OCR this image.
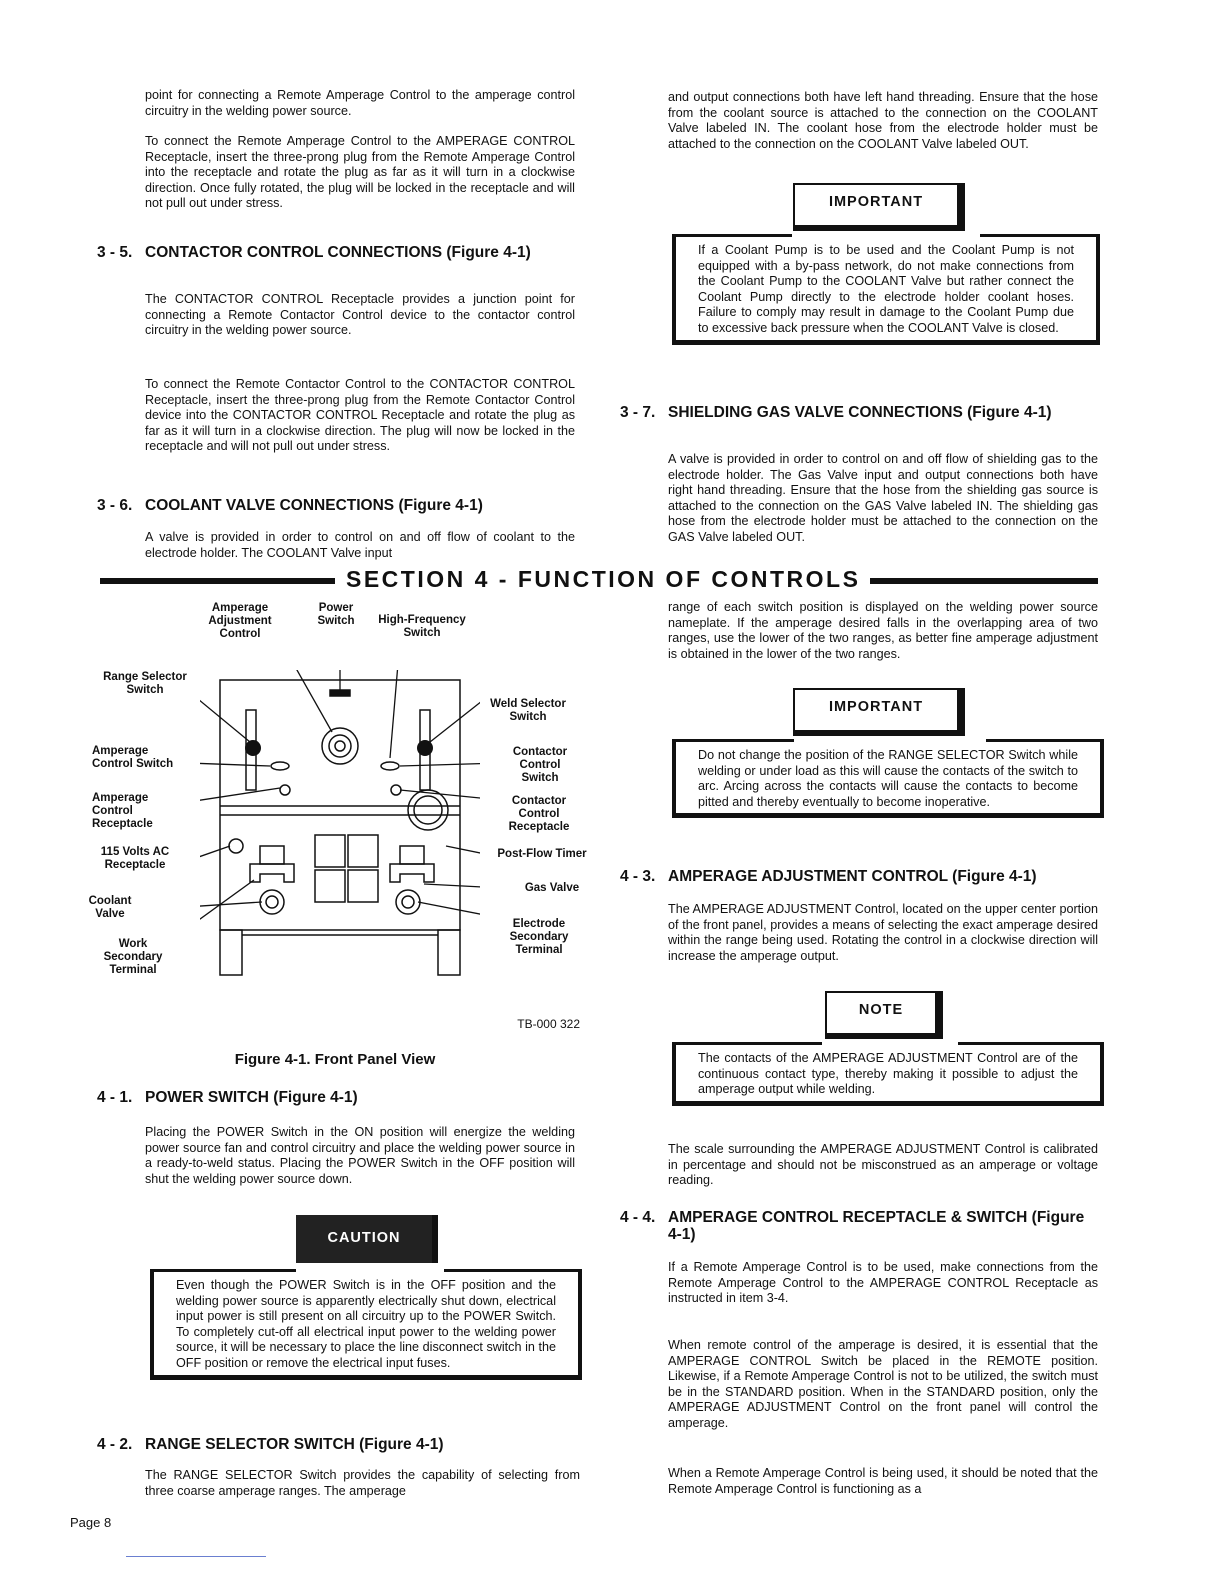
point for connecting a Remote Amperage Control to the amperage control circuitry in the welding power source.

To connect the Remote Amperage Control to the AMPERAGE CONTROL Receptacle, insert the three-prong plug from the Remote Amperage Control into the receptacle and rotate the plug as far as it will turn in a clockwise direction. Once fully rotated, the plug will be locked in the receptacle and will not pull out under stress.

3 - 5. CONTACTOR CONTROL CONNECTIONS (Figure 4-1)

The CONTACTOR CONTROL Receptacle provides a junction point for connecting a Remote Contactor Control device to the contactor control circuitry in the welding power source.

To connect the Remote Contactor Control to the CONTACTOR CONTROL Receptacle, insert the three-prong plug from the Remote Contactor Control device into the CONTACTOR CONTROL Receptacle and rotate the plug as far as it will turn in a clockwise direction. The plug will now be locked in the receptacle and will not pull out under stress.

3 - 6. COOLANT VALVE CONNECTIONS (Figure 4-1)

A valve is provided in order to control on and off flow of coolant to the electrode holder. The COOLANT Valve input

and output connections both have left hand threading. Ensure that the hose from the coolant source is attached to the connection on the COOLANT Valve labeled IN. The coolant hose from the electrode holder must be attached to the connection on the COOLANT Valve labeled OUT.

If a Coolant Pump is to be used and the Coolant Pump is not equipped with a by-pass network, do not make connections from the Coolant Pump to the COOLANT Valve but rather connect the Coolant Pump directly to the electrode holder coolant hoses. Failure to comply may result in damage to the Coolant Pump due to excessive back pressure when the COOLANT Valve is closed.
IMPORTANT
3 - 7. SHIELDING GAS VALVE CONNECTIONS (Figure 4-1)

A valve is provided in order to control on and off flow of shielding gas to the electrode holder. The Gas Valve input and output connections both have right hand threading. Ensure that the hose from the shielding gas source is attached to the connection on the GAS Valve labeled IN. The shielding gas hose from the electrode holder must be attached to the connection on the GAS Valve labeled OUT.

SECTION 4 - FUNCTION OF CONTROLS
Amperage Adjustment Control
Power Switch	High-Frequency Switch
Range Selector Switch
Weld Selector Switch
Amperage Control Switch
Contactor Control Switch
Amperage Control Receptacle
Contactor Control Receptacle
115 Volts AC Receptacle
Post-Flow Timer
Gas Valve
Coolant Valve
Electrode Secondary Terminal
Work Secondary Terminal
TB-000 322
Figure 4-1. Front Panel View
4 - 1. POWER SWITCH (Figure 4-1)

Placing the POWER Switch in the ON position will energize the welding power source fan and control circuitry and place the welding power source in a ready-to-weld status. Placing the POWER Switch in the OFF position will shut the welding power source down.

Even though the POWER Switch is in the OFF position and the welding power source is apparently electrically shut down, electrical input power is still present on all circuitry up to the POWER Switch. To completely cut-off all electrical input power to the welding power source, it will be necessary to place the line disconnect switch in the OFF position or remove the electrical input fuses.
CAUTION
4 - 2. RANGE SELECTOR SWITCH (Figure 4-1)

The RANGE SELECTOR Switch provides the capability of selecting from three coarse amperage ranges. The amperage

range of each switch position is displayed on the welding power source nameplate. If the amperage desired falls in the overlapping area of two ranges, use the lower of the two ranges, as better fine amperage adjustment is obtained in the lower of the two ranges.

Do not change the position of the RANGE SELECTOR Switch while welding or under load as this will cause the contacts of the switch to arc. Arcing across the contacts will cause the contacts to become pitted and thereby eventually to become inoperative.
IMPORTANT
4 - 3. AMPERAGE ADJUSTMENT CONTROL (Figure 4-1)

The AMPERAGE ADJUSTMENT Control, located on the upper center portion of the front panel, provides a means of selecting the exact amperage desired within the range being used. Rotating the control in a clockwise direction will increase the amperage output.

The contacts of the AMPERAGE ADJUSTMENT Control are of the continuous contact type, thereby making it possible to adjust the amperage output while welding.
NOTE

The scale surrounding the AMPERAGE ADJUSTMENT Control is calibrated in percentage and should not be misconstrued as an amperage or voltage reading.

4 - 4. AMPERAGE CONTROL RECEPTACLE & SWITCH (Figure 4-1)

If a Remote Amperage Control is to be used, make connections from the Remote Amperage Control to the AMPERAGE CONTROL Receptacle as instructed in item 3-4.

When remote control of the amperage is desired, it is essential that the AMPERAGE CONTROL Switch be placed in the REMOTE position. Likewise, if a Remote Amperage Control is not to be utilized, the switch must be in the STANDARD position. When in the STANDARD position, only the AMPERAGE ADJUSTMENT Control on the front panel will control the amperage.

When a Remote Amperage Control is being used, it should be noted that the Remote Amperage Control is functioning as a

Page 8
